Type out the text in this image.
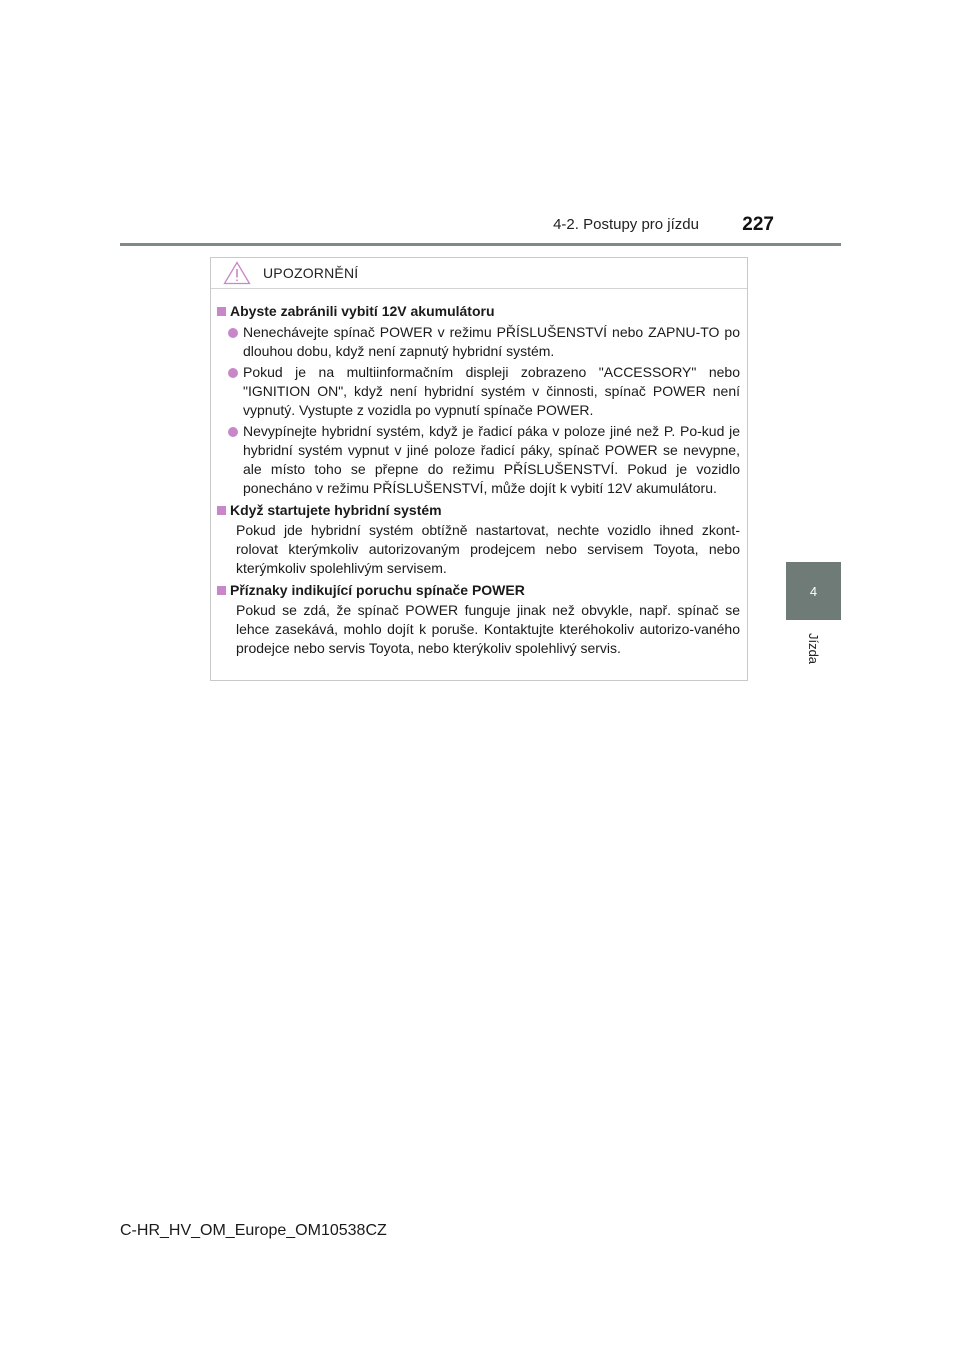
4-2. Postupy pro jízdu	227
4
Jízda
UPOZORNĚNÍ
Abyste zabránili vybití 12V akumulátoru
Nenechávejte spínač POWER v režimu PŘÍSLUŠENSTVÍ nebo ZAPNU-TO po dlouhou dobu, když není zapnutý hybridní systém.
Pokud je na multiinformačním displeji zobrazeno "ACCESSORY" nebo "IGNITION ON", když není hybridní systém v činnosti, spínač POWER není vypnutý. Vystupte z vozidla po vypnutí spínače POWER.
Nevypínejte hybridní systém, když je řadicí páka v poloze jiné než P. Po-kud je hybridní systém vypnut v jiné poloze řadicí páky, spínač POWER se nevypne, ale místo toho se přepne do režimu PŘÍSLUŠENSTVÍ. Pokud je vozidlo ponecháno v režimu PŘÍSLUŠENSTVÍ, může dojít k vybití 12V akumulátoru.
Když startujete hybridní systém
Pokud jde hybridní systém obtížně nastartovat, nechte vozidlo ihned zkont-rolovat kterýmkoliv autorizovaným prodejcem nebo servisem Toyota, nebo kterýmkoliv spolehlivým servisem.
Příznaky indikující poruchu spínače POWER
Pokud se zdá, že spínač POWER funguje jinak než obvykle, např. spínač se lehce zasekává, mohlo dojít k poruše. Kontaktujte kteréhokoliv autorizo-vaného prodejce nebo servis Toyota, nebo kterýkoliv spolehlivý servis.
C-HR_HV_OM_Europe_OM10538CZ
